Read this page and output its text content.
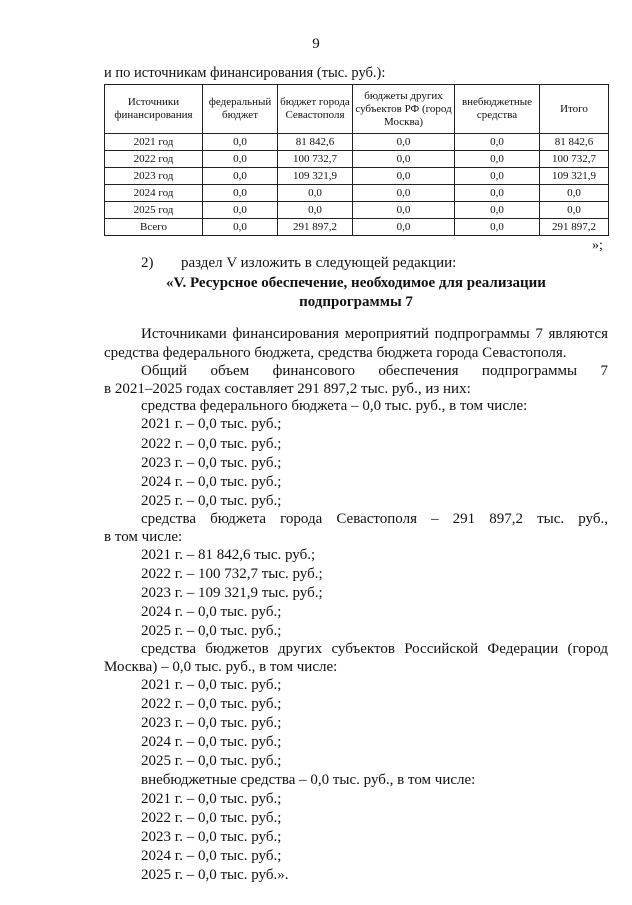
9
и по источникам финансирования (тыс. руб.):
Источники финансирования	федеральный бюджет	бюджет города Севастополя	бюджеты других субъектов РФ (город Москва)	внебюджетные средства	Итого
2021 год	0,0	81 842,6	0,0	0,0	81 842,6
2022 год	0,0	100 732,7	0,0	0,0	100 732,7
2023 год	0,0	109 321,9	0,0	0,0	109 321,9
2024 год	0,0	0,0	0,0	0,0	0,0
2025 год	0,0	0,0	0,0	0,0	0,0
Всего	0,0	291 897,2	0,0	0,0	291 897,2
»;
2) раздел V изложить в следующей редакции:
«V. Ресурсное обеспечение, необходимое для реализации
подпрограммы 7
Источниками финансирования мероприятий подпрограммы 7 являются средства федерального бюджета, средства бюджета города Севастополя.
Общий объем финансового обеспечения подпрограммы 7
в 2021–2025 годах составляет 291 897,2 тыс. руб., из них:
средства федерального бюджета – 0,0 тыс. руб., в том числе:
2021 г. – 0,0 тыс. руб.;
2022 г. – 0,0 тыс. руб.;
2023 г. – 0,0 тыс. руб.;
2024 г. – 0,0 тыс. руб.;
2025 г. – 0,0 тыс. руб.;
средства бюджета города Севастополя – 291 897,2 тыс. руб.,
в том числе:
2021 г. – 81 842,6 тыс. руб.;
2022 г. – 100 732,7 тыс. руб.;
2023 г. – 109 321,9 тыс. руб.;
2024 г. – 0,0 тыс. руб.;
2025 г. – 0,0 тыс. руб.;
средства бюджетов других субъектов Российской Федерации (город
Москва) – 0,0 тыс. руб., в том числе:
2021 г. – 0,0 тыс. руб.;
2022 г. – 0,0 тыс. руб.;
2023 г. – 0,0 тыс. руб.;
2024 г. – 0,0 тыс. руб.;
2025 г. – 0,0 тыс. руб.;
внебюджетные средства – 0,0 тыс. руб., в том числе:
2021 г. – 0,0 тыс. руб.;
2022 г. – 0,0 тыс. руб.;
2023 г. – 0,0 тыс. руб.;
2024 г. – 0,0 тыс. руб.;
2025 г. – 0,0 тыс. руб.».
